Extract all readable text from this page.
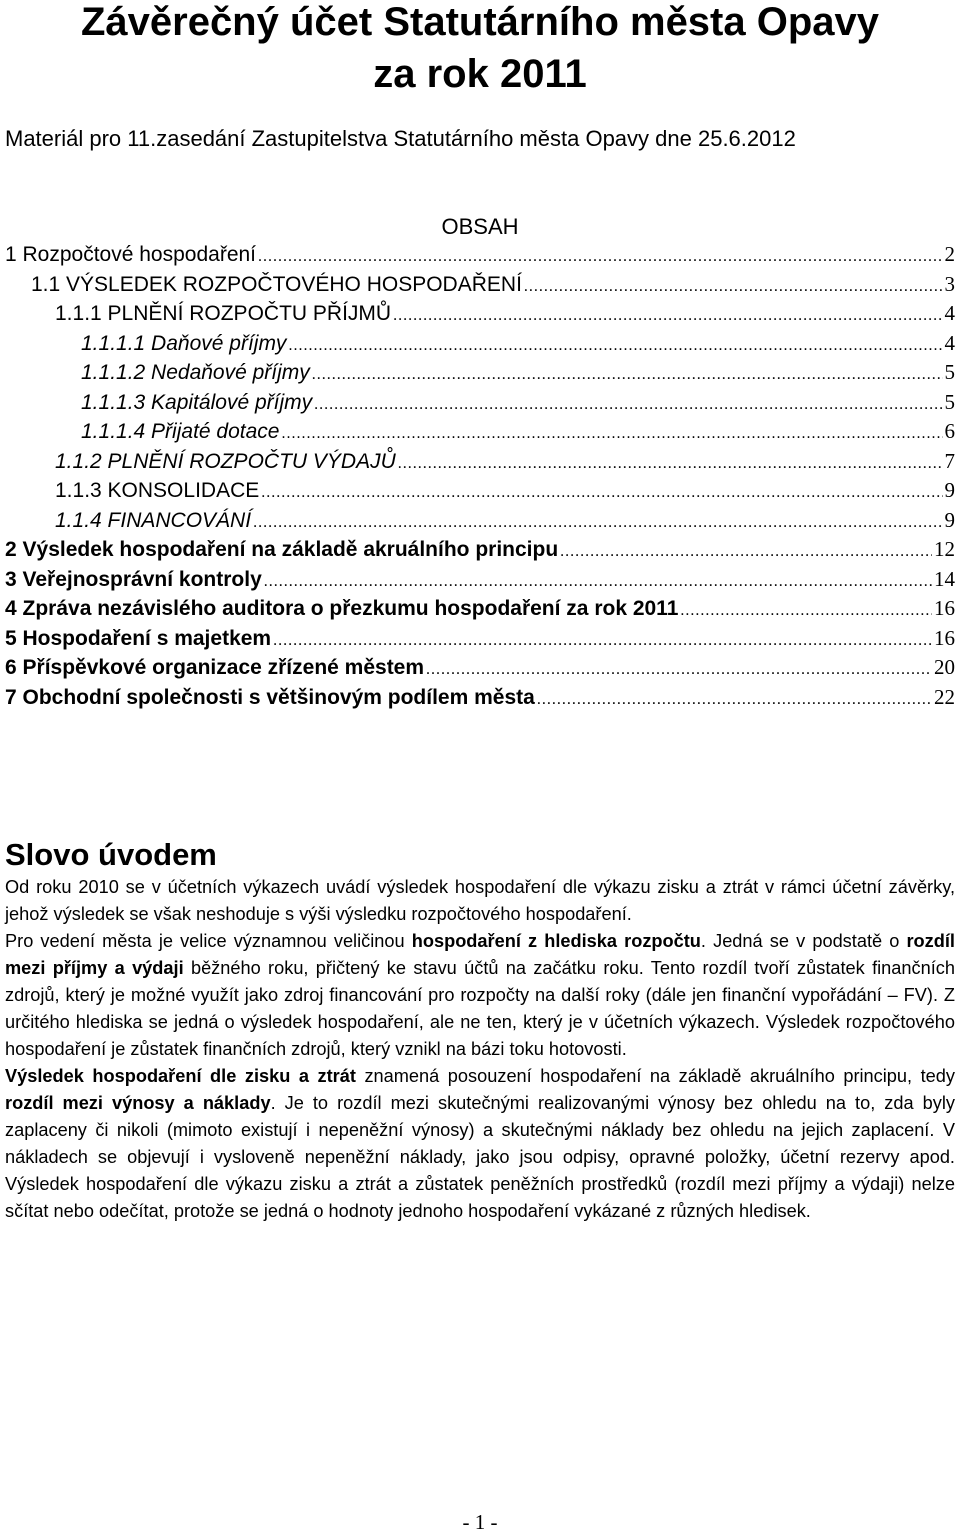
Závěrečný účet Statutárního města Opavy
za rok 2011
Materiál pro 11.zasedání Zastupitelstva Statutárního města Opavy dne 25.6.2012
OBSAH
1 Rozpočtové hospodaření .....	2
1.1 VÝSLEDEK ROZPOČTOVÉHO HOSPODAŘENÍ .....	3
1.1.1 PLNĚNÍ ROZPOČTU PŘÍJMŮ .....	4
1.1.1.1 Daňové příjmy .....	4
1.1.1.2 Nedaňové příjmy .....	5
1.1.1.3 Kapitálové příjmy .....	5
1.1.1.4 Přijaté dotace .....	6
1.1.2 PLNĚNÍ ROZPOČTU VÝDAJŮ .....	7
1.1.3 KONSOLIDACE .....	9
1.1.4 FINANCOVÁNÍ .....	9
2 Výsledek hospodaření na základě akruálního principu .....	12
3 Veřejnosprávní kontroly .....	14
4 Zpráva nezávislého auditora o přezkumu hospodaření za rok 2011 .....	16
5 Hospodaření s majetkem .....	16
6 Příspěvkové organizace zřízené městem .....	20
7 Obchodní společnosti s většinovým podílem města .....	22
Slovo úvodem

Od roku 2010 se v účetních výkazech uvádí výsledek hospodaření dle výkazu zisku a ztrát v rámci účetní závěrky, jehož výsledek se však neshoduje s výši výsledku rozpočtového hospodaření.

Pro vedení města je velice významnou veličinou hospodaření z hlediska rozpočtu. Jedná se v podstatě o rozdíl mezi příjmy a výdaji běžného roku, přičtený ke stavu účtů na začátku roku. Tento rozdíl tvoří zůstatek finančních zdrojů, který je možné využít jako zdroj financování pro rozpočty na další roky (dále jen finanční vypořádání – FV). Z určitého hlediska se jedná o výsledek hospodaření, ale ne ten, který je v účetních výkazech. Výsledek rozpočtového hospodaření je zůstatek finančních zdrojů, který vznikl na bázi toku hotovosti.

Výsledek hospodaření dle zisku a ztrát znamená posouzení hospodaření na základě akruálního principu, tedy rozdíl mezi výnosy a náklady. Je to rozdíl mezi skutečnými realizovanými výnosy bez ohledu na to, zda byly zaplaceny či nikoli (mimoto existují i nepeněžní výnosy) a skutečnými náklady bez ohledu na jejich zaplacení. V nákladech se objevují i vysloveně nepeněžní náklady, jako jsou odpisy, opravné položky, účetní rezervy apod. Výsledek hospodaření dle výkazu zisku a ztrát a zůstatek peněžních prostředků (rozdíl mezi příjmy a výdaji) nelze sčítat nebo odečítat, protože se jedná o hodnoty jednoho hospodaření vykázané z různých hledisek.

- 1 -
